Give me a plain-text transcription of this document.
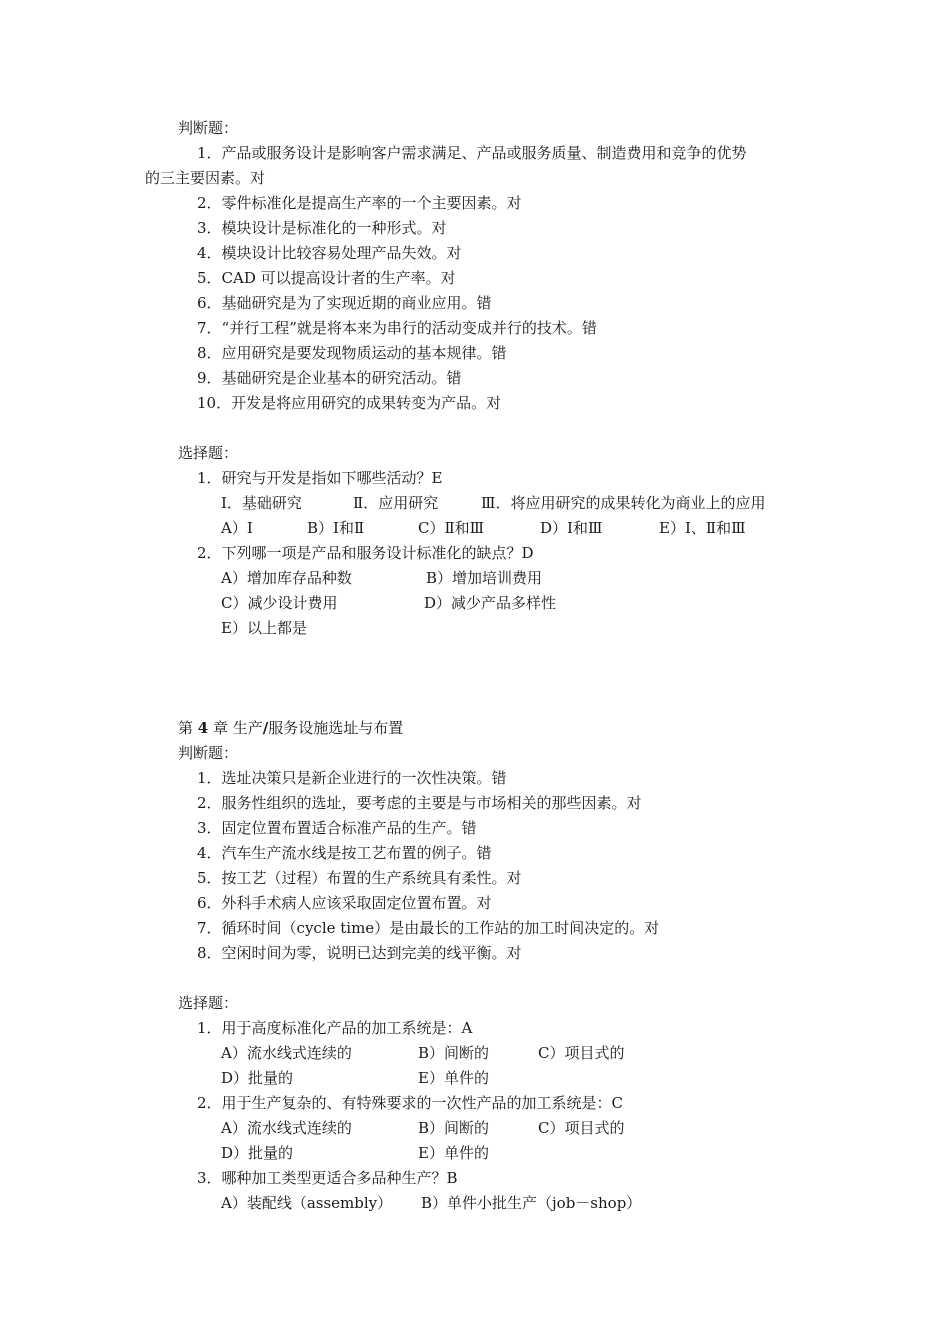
判断题：
1．产品或服务设计是影响客户需求满足、产品或服务质量、制造费用和竞争的优势
的三主要因素。对
2．零件标准化是提高生产率的一个主要因素。对
3．模块设计是标准化的一种形式。对
4．模块设计比较容易处理产品失效。对
5．CAD 可以提高设计者的生产率。对
6．基础研究是为了实现近期的商业应用。错
7．“并行工程”就是将本来为串行的活动变成并行的技术。错
8．应用研究是要发现物质运动的基本规律。错
9．基础研究是企业基本的研究活动。错
10．开发是将应用研究的成果转变为产品。对
选择题：
1．研究与开发是指如下哪些活动？E
Ⅰ．基础研究	Ⅱ．应用研究	Ⅲ．将应用研究的成果转化为商业上的应用
A）Ⅰ	B）Ⅰ和Ⅱ	C）Ⅱ和Ⅲ	D）Ⅰ和Ⅲ	E）Ⅰ、Ⅱ和Ⅲ
2．下列哪一项是产品和服务设计标准化的缺点？D
A）增加库存品种数	B）增加培训费用
C）减少设计费用	D）减少产品多样性
E）以上都是
第 4 章 生产/服务设施选址与布置
判断题：
1．选址决策只是新企业进行的一次性决策。错
2．服务性组织的选址，要考虑的主要是与市场相关的那些因素。对
3．固定位置布置适合标准产品的生产。错
4．汽车生产流水线是按工艺布置的例子。错
5．按工艺（过程）布置的生产系统具有柔性。对
6．外科手术病人应该采取固定位置布置。对
7．循环时间（cycle time）是由最长的工作站的加工时间决定的。对
8．空闲时间为零，说明已达到完美的线平衡。对
选择题：
1．用于高度标准化产品的加工系统是：A
A）流水线式连续的	B）间断的	C）项目式的
D）批量的	E）单件的
2．用于生产复杂的、有特殊要求的一次性产品的加工系统是：C
A）流水线式连续的	B）间断的	C）项目式的
D）批量的	E）单件的
3．哪种加工类型更适合多品种生产？B
A）装配线（assembly） B）单件小批生产（job－shop）
